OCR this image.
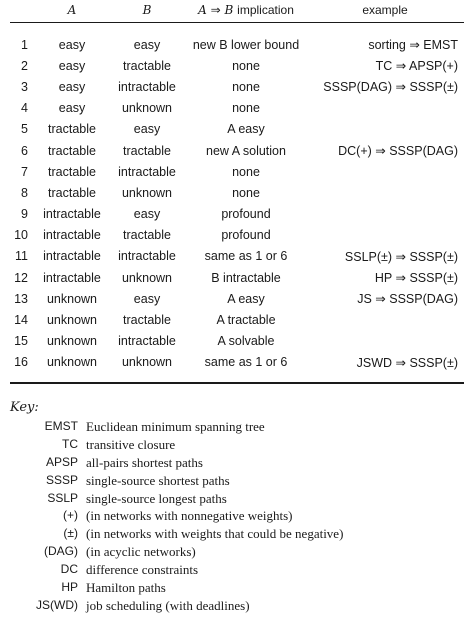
	A	B	A ⇒ B implication	example

1	easy	easy	new B lower bound	sorting ⇒ EMST
2	easy	tractable	none	TC ⇒ APSP(+)
3	easy	intractable	none	SSSP(DAG) ⇒ SSSP(±)
4	easy	unknown	none	
5	tractable	easy	A easy	
6	tractable	tractable	new A solution	DC(+) ⇒ SSSP(DAG)
7	tractable	intractable	none	
8	tractable	unknown	none	
9	intractable	easy	profound	
10	intractable	tractable	profound	
11	intractable	intractable	same as 1 or 6	SSLP(±) ⇒ SSSP(±)
12	intractable	unknown	B intractable	HP ⇒ SSSP(±)
13	unknown	easy	A easy	JS ⇒ SSSP(DAG)
14	unknown	tractable	A tractable	
15	unknown	intractable	A solvable	
16	unknown	unknown	same as 1 or 6	JSWD ⇒ SSSP(±)
Key:
EMST Euclidean minimum spanning tree
TC transitive closure
APSP all-pairs shortest paths
SSSP single-source shortest paths
SSLP single-source longest paths
(+) (in networks with nonnegative weights)
(±) (in networks with weights that could be negative)
(DAG) (in acyclic networks)
DC difference constraints
HP Hamilton paths
JS(WD) job scheduling (with deadlines)
